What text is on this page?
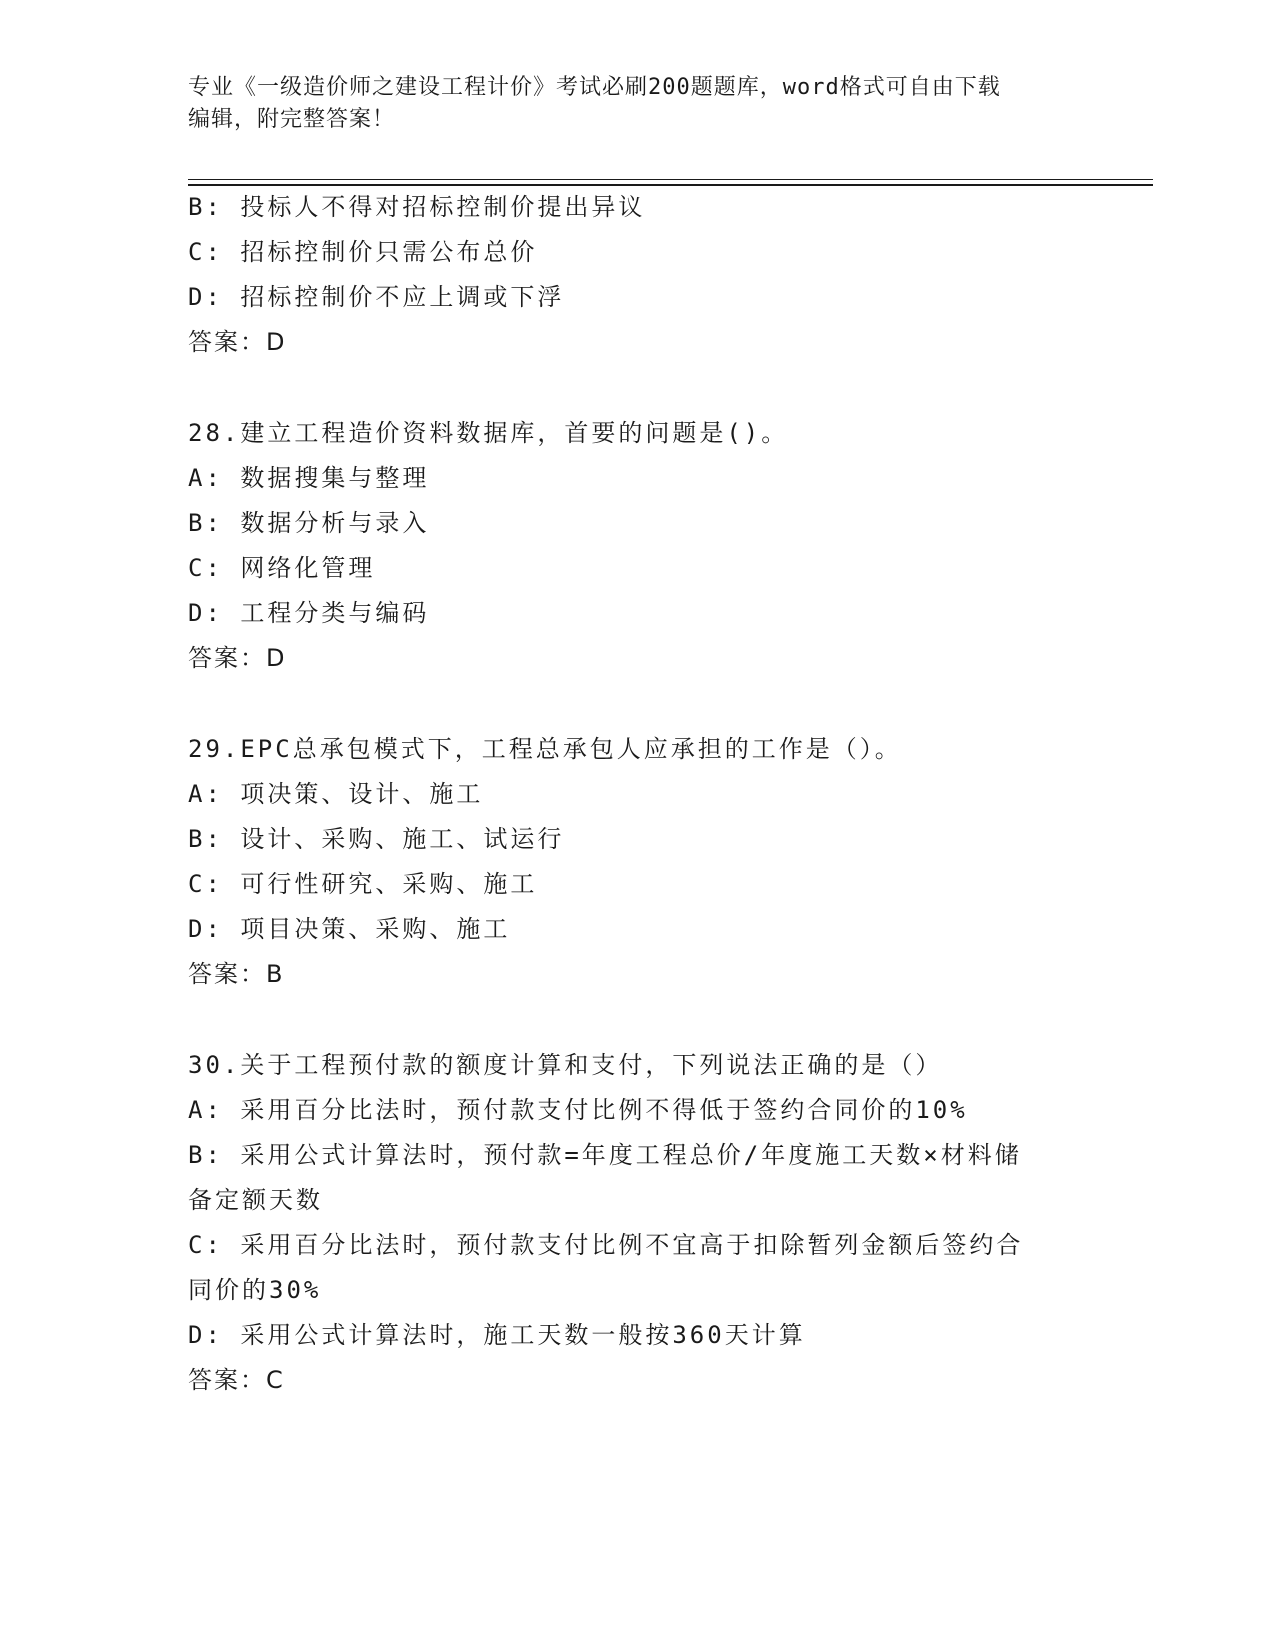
专业《一级造价师之建设工程计价》考试必刷200题题库，word格式可自由下载
编辑，附完整答案！
B: 投标人不得对招标控制价提出异议
C: 招标控制价只需公布总价
D: 招标控制价不应上调或下浮
答案：D
28.建立工程造价资料数据库，首要的问题是()。
A: 数据搜集与整理
B: 数据分析与录入
C: 网络化管理
D: 工程分类与编码
答案：D
29.EPC总承包模式下，工程总承包人应承担的工作是（）。
A: 项决策、设计、施工
B: 设计、采购、施工、试运行
C: 可行性研究、采购、施工
D: 项目决策、采购、施工
答案：B
30.关于工程预付款的额度计算和支付，下列说法正确的是（）
A: 采用百分比法时，预付款支付比例不得低于签约合同价的10%
B: 采用公式计算法时，预付款=年度工程总价/年度施工天数×材料储
备定额天数
C: 采用百分比法时，预付款支付比例不宜高于扣除暂列金额后签约合
同价的30%
D: 采用公式计算法时，施工天数一般按360天计算
答案：C
